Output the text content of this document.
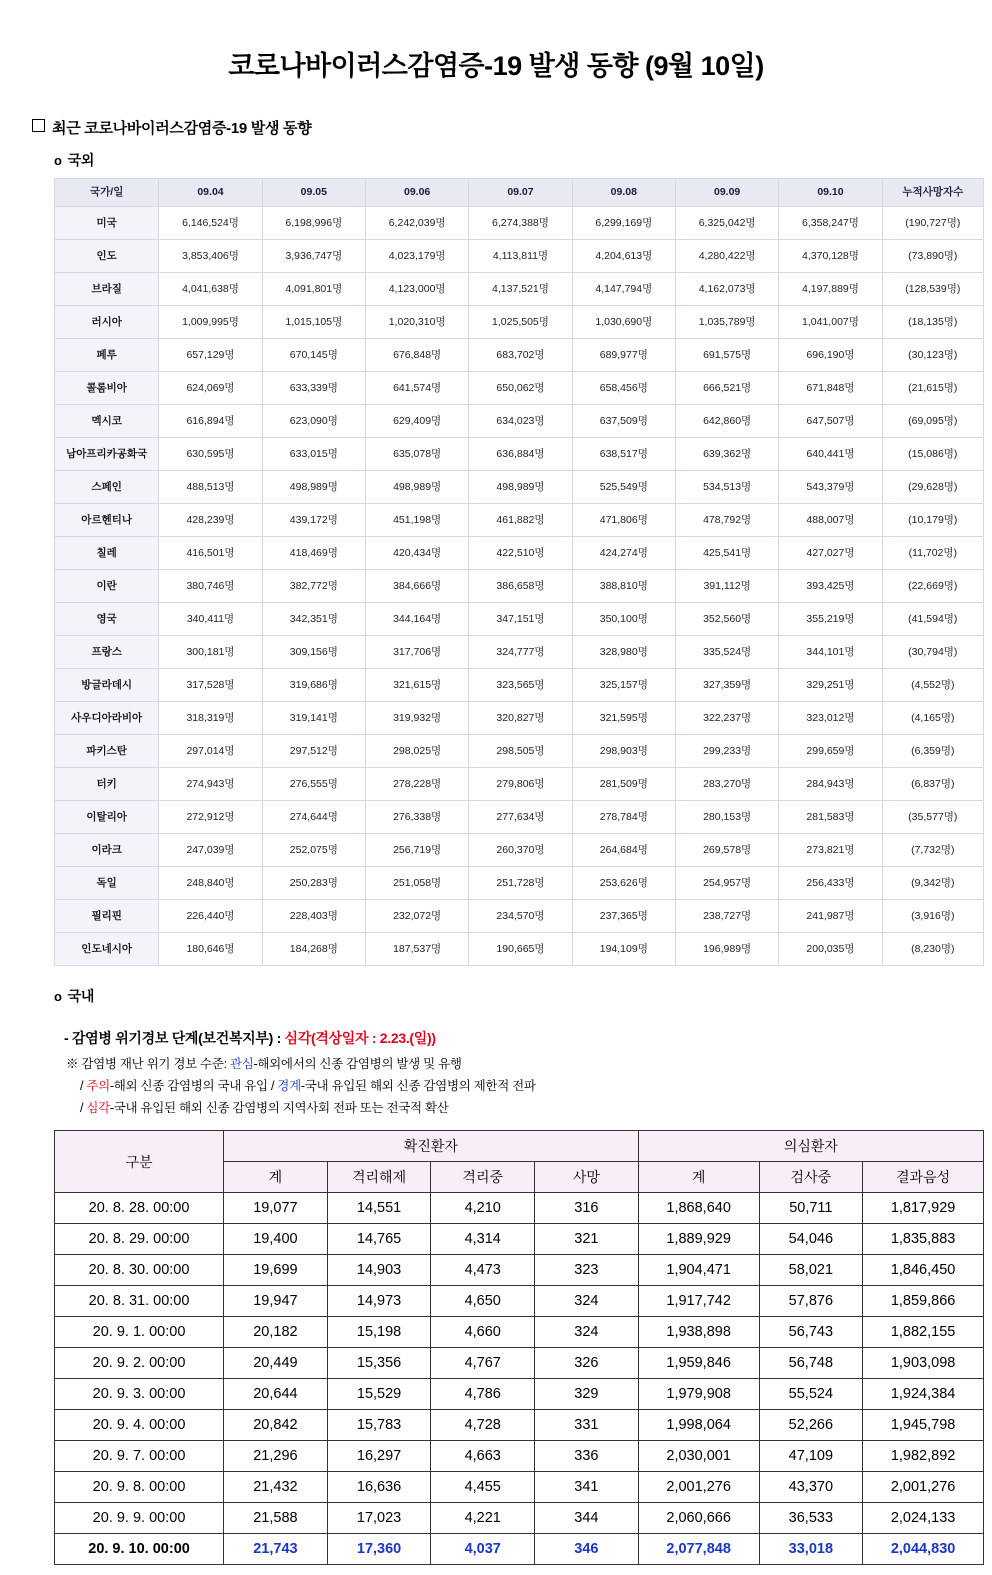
코로나바이러스감염증-19 발생 동향 (9월 10일)
최근 코로나바이러스감염증-19 발생 동향
o 국외
국가/일	09.04	09.05	09.06	09.07	09.08	09.09	09.10	누적사망자수
미국	6,146,524명	6,198,996명	6,242,039명	6,274,388명	6,299,169명	6,325,042명	6,358,247명	(190,727명)
인도	3,853,406명	3,936,747명	4,023,179명	4,113,811명	4,204,613명	4,280,422명	4,370,128명	(73,890명)
브라질	4,041,638명	4,091,801명	4,123,000명	4,137,521명	4,147,794명	4,162,073명	4,197,889명	(128,539명)
러시아	1,009,995명	1,015,105명	1,020,310명	1,025,505명	1,030,690명	1,035,789명	1,041,007명	(18,135명)
페루	657,129명	670,145명	676,848명	683,702명	689,977명	691,575명	696,190명	(30,123명)
콜롬비아	624,069명	633,339명	641,574명	650,062명	658,456명	666,521명	671,848명	(21,615명)
멕시코	616,894명	623,090명	629,409명	634,023명	637,509명	642,860명	647,507명	(69,095명)
남아프리카공화국	630,595명	633,015명	635,078명	636,884명	638,517명	639,362명	640,441명	(15,086명)
스페인	488,513명	498,989명	498,989명	498,989명	525,549명	534,513명	543,379명	(29,628명)
아르헨티나	428,239명	439,172명	451,198명	461,882명	471,806명	478,792명	488,007명	(10,179명)
칠레	416,501명	418,469명	420,434명	422,510명	424,274명	425,541명	427,027명	(11,702명)
이란	380,746명	382,772명	384,666명	386,658명	388,810명	391,112명	393,425명	(22,669명)
영국	340,411명	342,351명	344,164명	347,151명	350,100명	352,560명	355,219명	(41,594명)
프랑스	300,181명	309,156명	317,706명	324,777명	328,980명	335,524명	344,101명	(30,794명)
방글라데시	317,528명	319,686명	321,615명	323,565명	325,157명	327,359명	329,251명	(4,552명)
사우디아라비아	318,319명	319,141명	319,932명	320,827명	321,595명	322,237명	323,012명	(4,165명)
파키스탄	297,014명	297,512명	298,025명	298,505명	298,903명	299,233명	299,659명	(6,359명)
터키	274,943명	276,555명	278,228명	279,806명	281,509명	283,270명	284,943명	(6,837명)
이탈리아	272,912명	274,644명	276,338명	277,634명	278,784명	280,153명	281,583명	(35,577명)
이라크	247,039명	252,075명	256,719명	260,370명	264,684명	269,578명	273,821명	(7,732명)
독일	248,840명	250,283명	251,058명	251,728명	253,626명	254,957명	256,433명	(9,342명)
필리핀	226,440명	228,403명	232,072명	234,570명	237,365명	238,727명	241,987명	(3,916명)
인도네시아	180,646명	184,268명	187,537명	190,665명	194,109명	196,989명	200,035명	(8,230명)
o 국내
- 감염병 위기경보 단계(보건복지부) : 심각(격상일자 : 2.23.(일))
※ 감염병 재난 위기 경보 수준: 관심-해외에서의 신종 감염병의 발생 및 유행
/ 주의-해외 신종 감염병의 국내 유입 / 경계-국내 유입된 해외 신종 감염병의 제한적 전파
/ 심각-국내 유입된 해외 신종 감염병의 지역사회 전파 또는 전국적 확산
구분	확진환자				의심환자		
	계	격리해제	격리중	사망	계	검사중	결과음성
20. 8. 28. 00:00	19,077	14,551	4,210	316	1,868,640	50,711	1,817,929
20. 8. 29. 00:00	19,400	14,765	4,314	321	1,889,929	54,046	1,835,883
20. 8. 30. 00:00	19,699	14,903	4,473	323	1,904,471	58,021	1,846,450
20. 8. 31. 00:00	19,947	14,973	4,650	324	1,917,742	57,876	1,859,866
20. 9. 1. 00:00	20,182	15,198	4,660	324	1,938,898	56,743	1,882,155
20. 9. 2. 00:00	20,449	15,356	4,767	326	1,959,846	56,748	1,903,098
20. 9. 3. 00:00	20,644	15,529	4,786	329	1,979,908	55,524	1,924,384
20. 9. 4. 00:00	20,842	15,783	4,728	331	1,998,064	52,266	1,945,798
20. 9. 7. 00:00	21,296	16,297	4,663	336	2,030,001	47,109	1,982,892
20. 9. 8. 00:00	21,432	16,636	4,455	341	2,001,276	43,370	2,001,276
20. 9. 9. 00:00	21,588	17,023	4,221	344	2,060,666	36,533	2,024,133
20. 9. 10. 00:00	21,743	17,360	4,037	346	2,077,848	33,018	2,044,830
